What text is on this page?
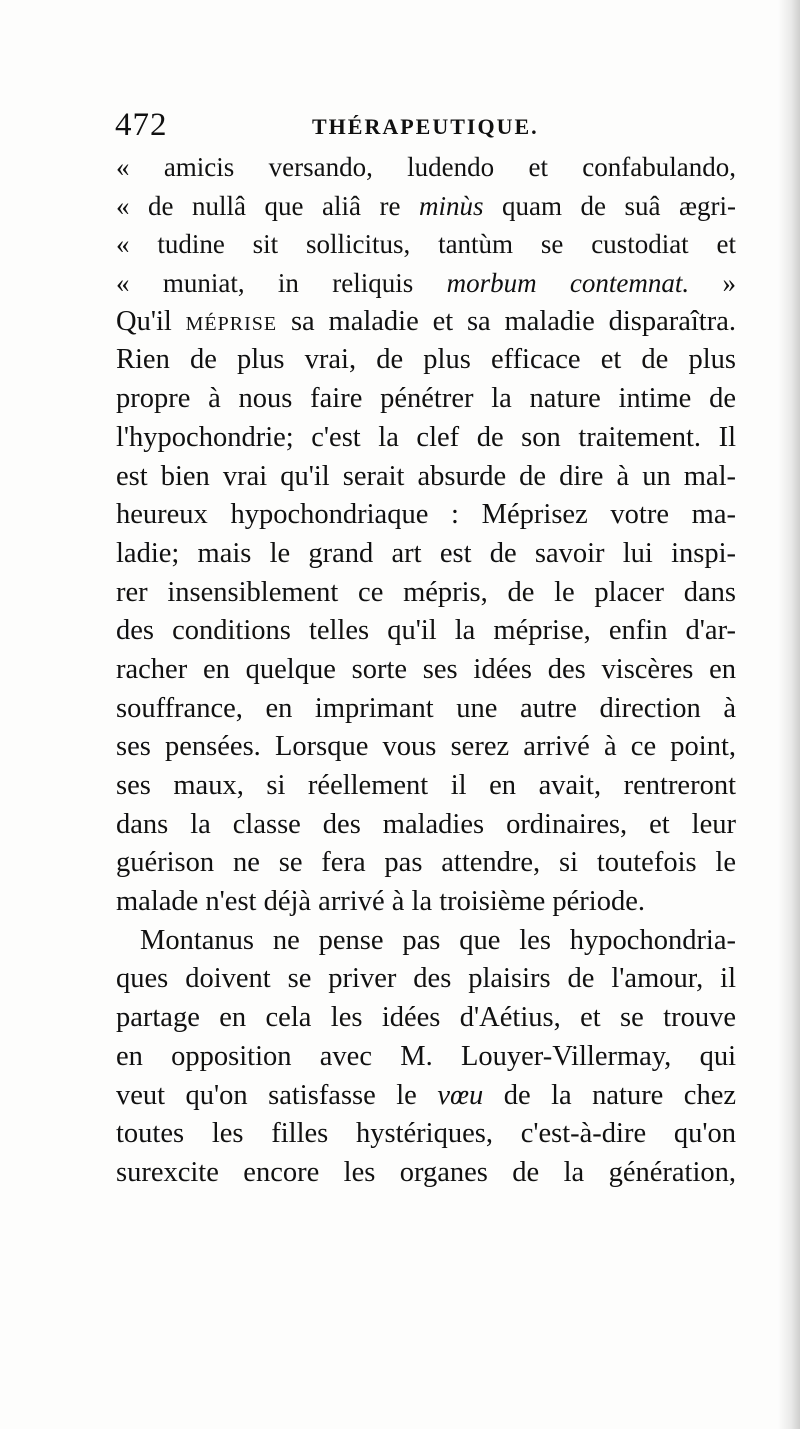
472	THÉRAPEUTIQUE.
« amicis versando, ludendo et confabulando,
« de nullâ que aliâ re minùs quam de suâ ægri-
« tudine sit sollicitus, tantùm se custodiat et
« muniat, in reliquis morbum contemnat. »
Qu'il MÉPRISE sa maladie et sa maladie disparaîtra.
Rien de plus vrai, de plus efficace et de plus
propre à nous faire pénétrer la nature intime de
l'hypochondrie; c'est la clef de son traitement. Il
est bien vrai qu'il serait absurde de dire à un mal-
heureux hypochondriaque : Méprisez votre ma-
ladie; mais le grand art est de savoir lui inspi-
rer insensiblement ce mépris, de le placer dans
des conditions telles qu'il la méprise, enfin d'ar-
racher en quelque sorte ses idées des viscères en
souffrance, en imprimant une autre direction à
ses pensées. Lorsque vous serez arrivé à ce point,
ses maux, si réellement il en avait, rentreront
dans la classe des maladies ordinaires, et leur
guérison ne se fera pas attendre, si toutefois le
malade n'est déjà arrivé à la troisième période.
Montanus ne pense pas que les hypochondria-
ques doivent se priver des plaisirs de l'amour, il
partage en cela les idées d'Aétius, et se trouve
en opposition avec M. Louyer-Villermay, qui
veut qu'on satisfasse le vœu de la nature chez
toutes les filles hystériques, c'est-à-dire qu'on
surexcite encore les organes de la génération,
